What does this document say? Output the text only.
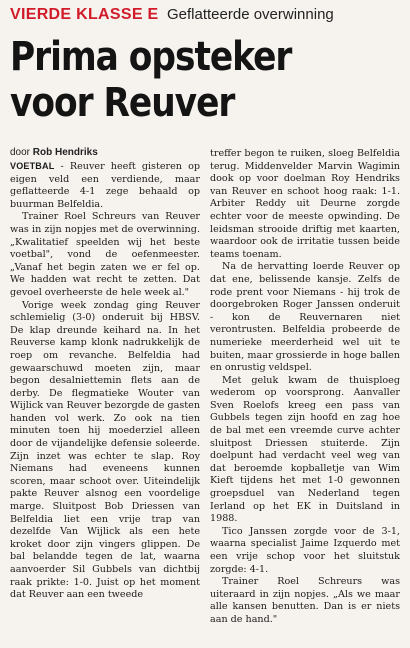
VIERDE KLASSE E Geflatteerde overwinning
Prima opsteker
voor Reuver
door Rob Hendriks

VOETBAL - Reuver heeft gisteren op eigen veld een verdiende, maar geflatteerde 4-1 zege behaald op buurman Belfeldia.

Trainer Roel Schreurs van Reuver was in zijn nopjes met de overwinning. „Kwalitatief speelden wij het beste voetbal", vond de oefenmeester. „Vanaf het begin zaten we er fel op. We hadden wat recht te zetten. Dat gevoel overheerste de hele week al."

Vorige week zondag ging Reuver schlemielig (3-0) onderuit bij HBSV. De klap dreunde keihard na. In het Reuverse kamp klonk nadrukkelijk de roep om revanche. Belfeldia had gewaarschuwd moeten zijn, maar begon desalniettemin flets aan de derby. De flegmatieke Wouter van Wijlick van Reuver bezorgde de gasten handen vol werk. Zo ook na tien minuten toen hij moederziel alleen door de vijandelijke defensie soleerde. Zijn inzet was echter te slap. Roy Niemans had eveneens kunnen scoren, maar schoot over. Uiteindelijk pakte Reuver alsnog een voordelige marge. Sluitpost Bob Driessen van Belfeldia liet een vrije trap van dezelfde Van Wijlick als een hete kroket door zijn vingers glippen. De bal belandde tegen de lat, waarna aanvoerder Sil Gubbels van dichtbij raak prikte: 1-0. Juist op het moment dat Reuver aan een tweede

treffer begon te ruiken, sloeg Belfeldia terug. Middenvelder Marvin Wagimin dook op voor doelman Roy Hendriks van Reuver en schoot hoog raak: 1-1. Arbiter Reddy uit Deurne zorgde echter voor de meeste opwinding. De leidsman strooide driftig met kaarten, waardoor ook de irritatie tussen beide teams toenam.

Na de hervatting loerde Reuver op dat ene, belissende kansje. Zelfs de rode prent voor Niemans - hij trok de doorgebroken Roger Janssen onderuit - kon de Reuvernaren niet verontrusten. Belfeldia probeerde de numerieke meerderheid wel uit te buiten, maar grossierde in hoge ballen en onrustig veldspel.

Met geluk kwam de thuisploeg wederom op voorsprong. Aanvaller Sven Roelofs kreeg een pass van Gubbels tegen zijn hoofd en zag hoe de bal met een vreemde curve achter sluitpost Driessen stuiterde. Zijn doelpunt had verdacht veel weg van dat beroemde kopballetje van Wim Kieft tijdens het met 1-0 gewonnen groepsduel van Nederland tegen Ierland op het EK in Duitsland in 1988.

Tico Janssen zorgde voor de 3-1, waarna specialist Jaime Izquerdo met een vrije schop voor het sluitstuk zorgde: 4-1.

Trainer Roel Schreurs was uiteraard in zijn nopjes. „Als we maar alle kansen benutten. Dan is er niets aan de hand."
